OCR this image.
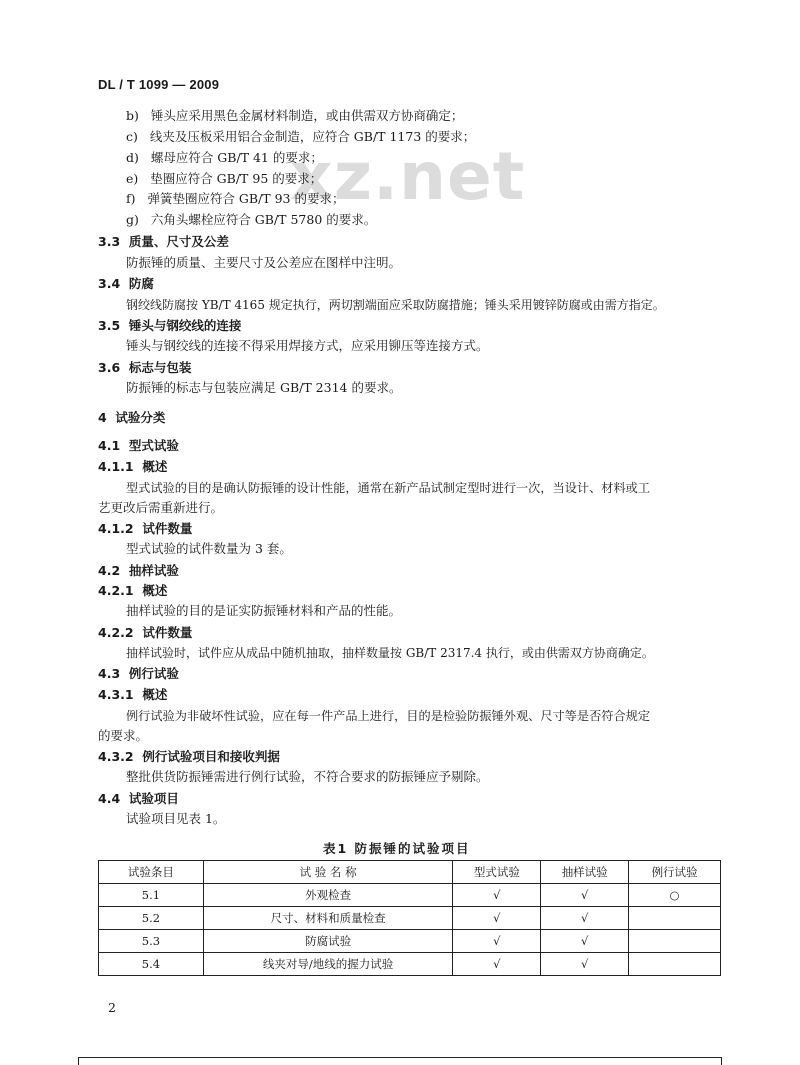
DL / T 1099 — 2009
xz.net
b) 锤头应采用黑色金属材料制造，或由供需双方协商确定；
c) 线夹及压板采用铝合金制造，应符合 GB/T 1173 的要求；
d) 螺母应符合 GB/T 41 的要求；
e) 垫圈应符合 GB/T 95 的要求；
f) 弹簧垫圈应符合 GB/T 93 的要求；
g) 六角头螺栓应符合 GB/T 5780 的要求。
3.3 质量、尺寸及公差
防振锤的质量、主要尺寸及公差应在图样中注明。
3.4 防腐
钢绞线防腐按 YB/T 4165 规定执行，两切割端面应采取防腐措施；锤头采用镀锌防腐或由需方指定。
3.5 锤头与钢绞线的连接
锤头与钢绞线的连接不得采用焊接方式，应采用铆压等连接方式。
3.6 标志与包装
防振锤的标志与包装应满足 GB/T 2314 的要求。
4 试验分类
4.1 型式试验
4.1.1 概述
型式试验的目的是确认防振锤的设计性能，通常在新产品试制定型时进行一次，当设计、材料或工
艺更改后需重新进行。
4.1.2 试件数量
型式试验的试件数量为 3 套。
4.2 抽样试验
4.2.1 概述
抽样试验的目的是证实防振锤材料和产品的性能。
4.2.2 试件数量
抽样试验时，试件应从成品中随机抽取，抽样数量按 GB/T 2317.4 执行，或由供需双方协商确定。
4.3 例行试验
4.3.1 概述
例行试验为非破坏性试验，应在每一件产品上进行，目的是检验防振锤外观、尺寸等是否符合规定
的要求。
4.3.2 例行试验项目和接收判据
整批供货防振锤需进行例行试验，不符合要求的防振锤应予剔除。
4.4 试验项目
试验项目见表 1。
表1 防振锤的试验项目
试验条目	试 验 名 称	型式试验	抽样试验	例行试验
5.1	外观检查	√	√	○
5.2	尺寸、材料和质量检查	√	√	
5.3	防腐试验	√	√	
5.4	线夹对导/地线的握力试验	√	√	
2
